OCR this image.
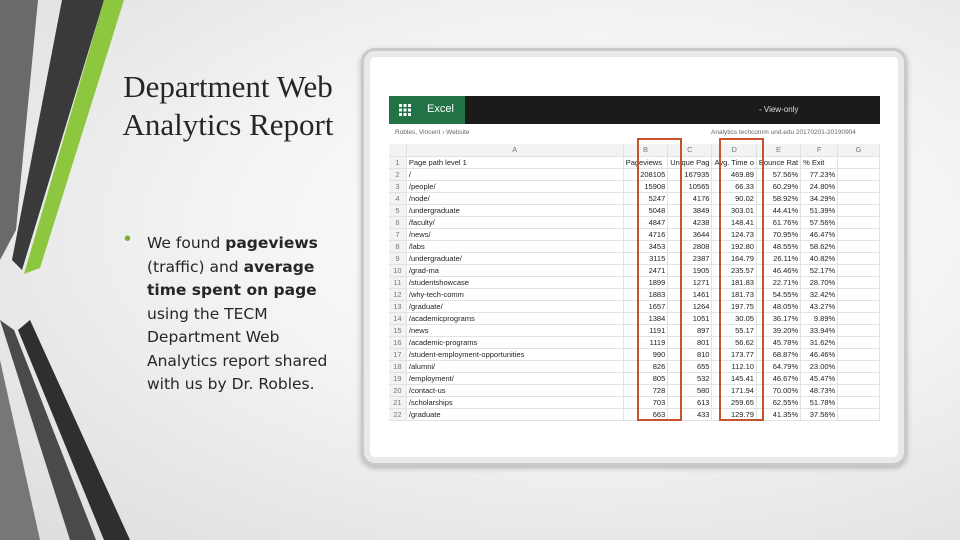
Department Web Analytics Report
• We found pageviews (traffic) and average time spent on page using the TECM Department Web Analytics report shared with us by Dr. Robles.
Excel	- View-only
Robles, Vincent › Website	Analytics techcomm und.edu 20170201-20190904
	A	B	C	D	E	F	G
1	Page path level 1	Pageviews	Unique Pag	Avg. Time o	Bounce Rat	% Exit	
2	/	208105	167935	469.89	57.56%	77.23%	
3	/people/	15908	10565	66.33	60.29%	24.80%	
4	/node/	5247	4176	90.02	58.92%	34.29%	
5	/undergraduate	5048	3849	303.01	44.41%	51.39%	
6	/faculty/	4847	4238	148.41	61.76%	57.56%	
7	/news/	4716	3644	124.73	70.95%	46.47%	
8	/labs	3453	2808	192.80	48.55%	58.62%	
9	/undergraduate/	3115	2387	164.79	26.11%	40.82%	
10	/grad-ma	2471	1905	235.57	46.46%	52.17%	
11	/studentshowcase	1899	1271	181.83	22.71%	28.70%	
12	/why-tech-comm	1883	1461	181.73	54.55%	32.42%	
13	/graduate/	1657	1264	197.75	48.05%	43.27%	
14	/academicprograms	1384	1051	30.05	36.17%	9.89%	
15	/news	1191	897	55.17	39.20%	33.94%	
16	/academic-programs	1119	801	56.62	45.78%	31.62%	
17	/student-employment-opportunities	990	810	173.77	68.87%	46.46%	
18	/alumni/	826	655	112.10	64.79%	23.00%	
19	/employment/	805	532	145.41	46.67%	45.47%	
20	/contact-us	728	580	171.94	70.00%	48.73%	
21	/scholarships	703	613	259.65	62.55%	51.78%	
22	/graduate	663	433	129.79	41.35%	37.56%	
